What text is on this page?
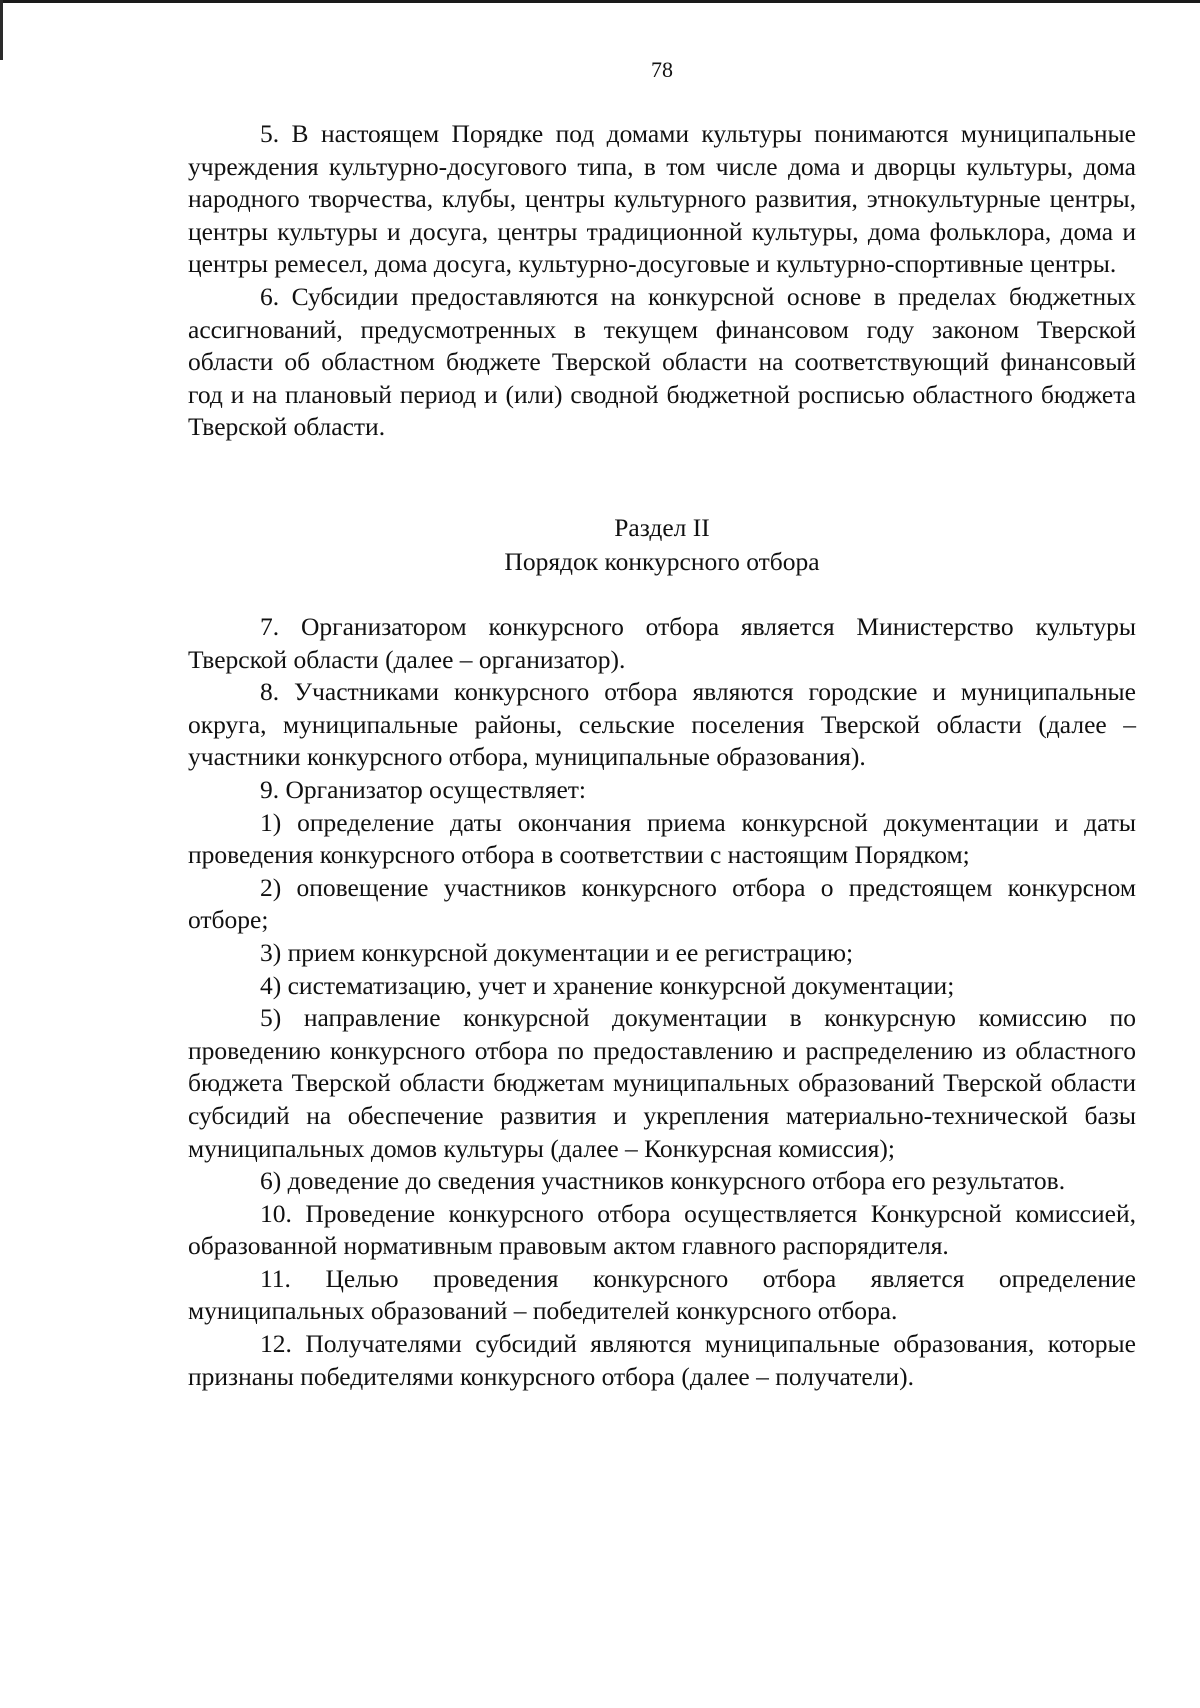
78

5. В настоящем Порядке под домами культуры понимаются муниципальные учреждения культурно-досугового типа, в том числе дома и дворцы культуры, дома народного творчества, клубы, центры культурного развития, этнокультурные центры, центры культуры и досуга, центры традиционной культуры, дома фольклора, дома и центры ремесел, дома досуга, культурно-досуговые и культурно-спортивные центры.

6. Субсидии предоставляются на конкурсной основе в пределах бюджетных ассигнований, предусмотренных в текущем финансовом году законом Тверской области об областном бюджете Тверской области на соответствующий финансовый год и на плановый период и (или) сводной бюджетной росписью областного бюджета Тверской области.

Раздел II
Порядок конкурсного отбора

7. Организатором конкурсного отбора является Министерство культуры Тверской области (далее – организатор).

8. Участниками конкурсного отбора являются городские и муниципальные округа, муниципальные районы, сельские поселения Тверской области (далее – участники конкурсного отбора, муниципальные образования).

9. Организатор осуществляет:

1) определение даты окончания приема конкурсной документации и даты проведения конкурсного отбора в соответствии с настоящим Порядком;

2) оповещение участников конкурсного отбора о предстоящем конкурсном отборе;

3) прием конкурсной документации и ее регистрацию;

4) систематизацию, учет и хранение конкурсной документации;

5) направление конкурсной документации в конкурсную комиссию по проведению конкурсного отбора по предоставлению и распределению из областного бюджета Тверской области бюджетам муниципальных образований Тверской области субсидий на обеспечение развития и укрепления материально-технической базы муниципальных домов культуры (далее – Конкурсная комиссия);

6) доведение до сведения участников конкурсного отбора его результатов.

10. Проведение конкурсного отбора осуществляется Конкурсной комиссией, образованной нормативным правовым актом главного распорядителя.

11. Целью проведения конкурсного отбора является определение муниципальных образований – победителей конкурсного отбора.

12. Получателями субсидий являются муниципальные образования, которые признаны победителями конкурсного отбора (далее – получатели).
